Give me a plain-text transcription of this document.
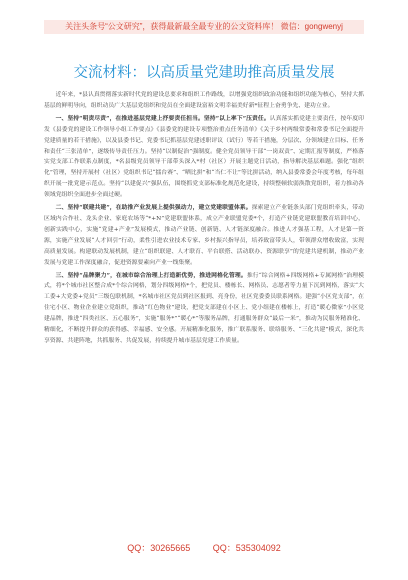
关注头条号“公文研究”，获得最新最全最专业的公文资料库！ 微信：gongwenyj
交流材料：以高质量党建助推高质量发展

近年来，*县认真贯彻落实新时代党的建设总要求和组织工作路线，以增强党组织政治功能和组织功能为核心，坚持大抓基层的鲜明导向，组织动员广大基层党组织和党员在全面建设富裕文明幸福美好新*征程上奋勇争先、建功立业。

一、坚持“明责尽责”，在推进基层党建上抒要责任担当。坚持“以上率下”压责任。认真落实抓党建主要责任，按年度印发《县委党的建设工作领导小组工作要点》《县委党的建设专项整治重点任务清单》《关于乡村两级常委和常委书记全面提升党建质量的若干措施》，以及县委书记、党委书记抓基层党建述职评议（试行）等若干措施，分层次、分领域建立目标、任务和责任“三张清单”，逐级传导责任压力。坚持“以制促治”强制度。健全党员领导干部“一岗双责”、定期汇报等制度，严格落实党支部工作联系点制度，*名县级党员领导干部带头深入*村（社区）开展主题党日活动，指导解决基层难题。强化“组织化”管理，坚持开展村（社区）党组织书记“擂台赛”、“晒比拼”和“当仁不让”等比拼活动，纳入县委常委会年度考核，每年组织开展一批党建示范点。坚持“以建促兴”强队伍，围绕抓党支部标准化规范化建设，持续整顿软弱涣散党组织，着力推动各领域党组织全面进步全面过硬。

二、坚持“联建共建”，在助推产业发展上提供强动力，建立党建联盟体系。探索建立产业链条头部门党组织牵头，带动区域内合作社、龙头企业、家庭农场等“*+N”党建联盟体系，成立产业联盟党委*个，打造产业链党建联盟教育培训中心，创新实践中心，实施“党建+产业”发展模式，推动产业链、创新链、人才链深度融合。推进人才强基工程，人才是第一资源，实施产业发展“人才回引”行动，柔性引进农业技术专家、乡村振兴指导员，培养致富带头人，带领群众增收致富，实现高质量发展。构建联动发展机制，建立“组织联建、人才联育、平台联搭、活动联办、资源联享”的党建共建机制，推动产业发展与党建工作深度融合，促进资源要素向产业一线集聚。

三、坚持“品牌聚力”，在城市综合治理上打造新优势，推进网格化管理。推行“综合网格+四级网格+专属网格”治理模式，将*个城市社区整合成*个综合网格，划分四级网格*个，把党员、楼栋长、网格员、志愿者等力量下沉到网格，落实“大工委+大党委+党员”三级包联机制，*名城市社区党员到社区报到、亮身份，社区党委委员联系网格。建强“小区党支部”，在住宅小区、物业企业建立党组织，推动“红色物业”建设，把党支部建在小区上、党小组建在楼栋上，打造“暖心微家”小区党建品牌，推进“四类社区、五心服务”，实施“服务*”“暖心*”等服务品牌，打通服务群众“最后一米”，推动为民服务精准化、精细化，不断提升群众的获得感、幸福感、安全感。开展精准化服务，推广联系服务、联络服务、“三化共建”模式，深化共享资源、共建阵地，共抓服务、共促发展，持续提升城市基层党建工作质量。

QQ：30265665	QQ：535304092
